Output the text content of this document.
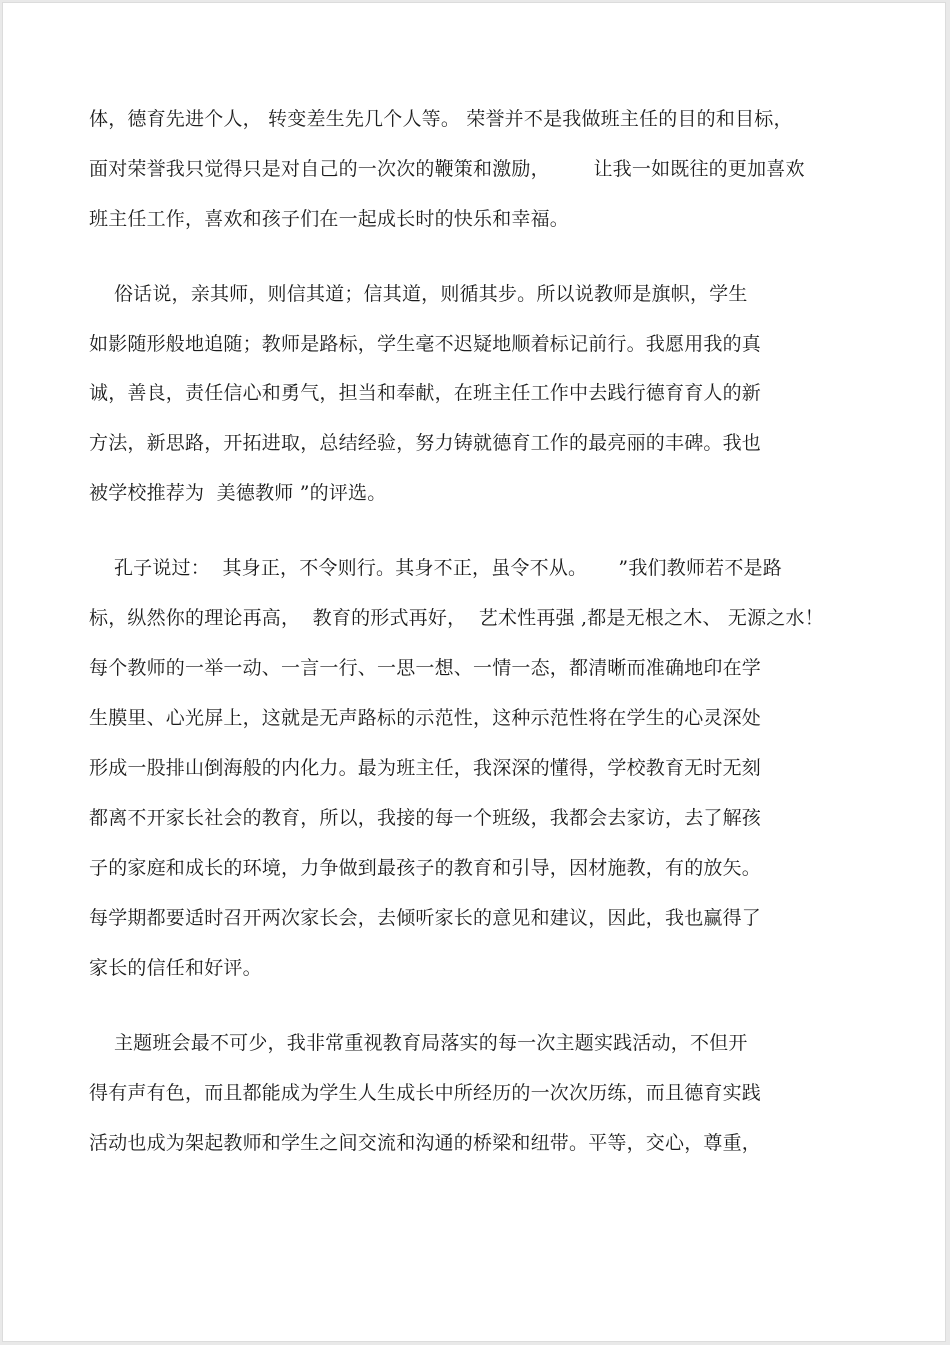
体，德育先进个人， 转变差生先几个人等。 荣誉并不是我做班主任的目的和目标，
面对荣誉我只觉得只是对自己的一次次的鞭策和激励，       让我一如既往的更加喜欢
班主任工作，喜欢和孩子们在一起成长时的快乐和幸福。
俗话说，亲其师，则信其道；信其道，则循其步。所以说教师是旗帜，学生
如影随形般地追随；教师是路标，学生毫不迟疑地顺着标记前行。我愿用我的真
诚，善良，责任信心和勇气，担当和奉献，在班主任工作中去践行德育育人的新
方法，新思路，开拓进取，总结经验，努力铸就德育工作的最亮丽的丰碑。我也
被学校推荐为  美德教师 ”的评选。
孔子说过：  其身正，不令则行。其身不正，虽令不从。     ”我们教师若不是路
标，纵然你的理论再高，  教育的形式再好，  艺术性再强 ,都是无根之木、 无源之水！
每个教师的一举一动、一言一行、一思一想、一情一态，都清晰而准确地印在学
生膜里、心光屏上，这就是无声路标的示范性，这种示范性将在学生的心灵深处
形成一股排山倒海般的内化力。最为班主任，我深深的懂得，学校教育无时无刻
都离不开家长社会的教育，所以，我接的每一个班级，我都会去家访，去了解孩
子的家庭和成长的环境，力争做到最孩子的教育和引导，因材施教，有的放矢。
每学期都要适时召开两次家长会，去倾听家长的意见和建议，因此，我也赢得了
家长的信任和好评。
主题班会最不可少，我非常重视教育局落实的每一次主题实践活动，不但开
得有声有色，而且都能成为学生人生成长中所经历的一次次历练，而且德育实践
活动也成为架起教师和学生之间交流和沟通的桥梁和纽带。平等，交心，尊重，
